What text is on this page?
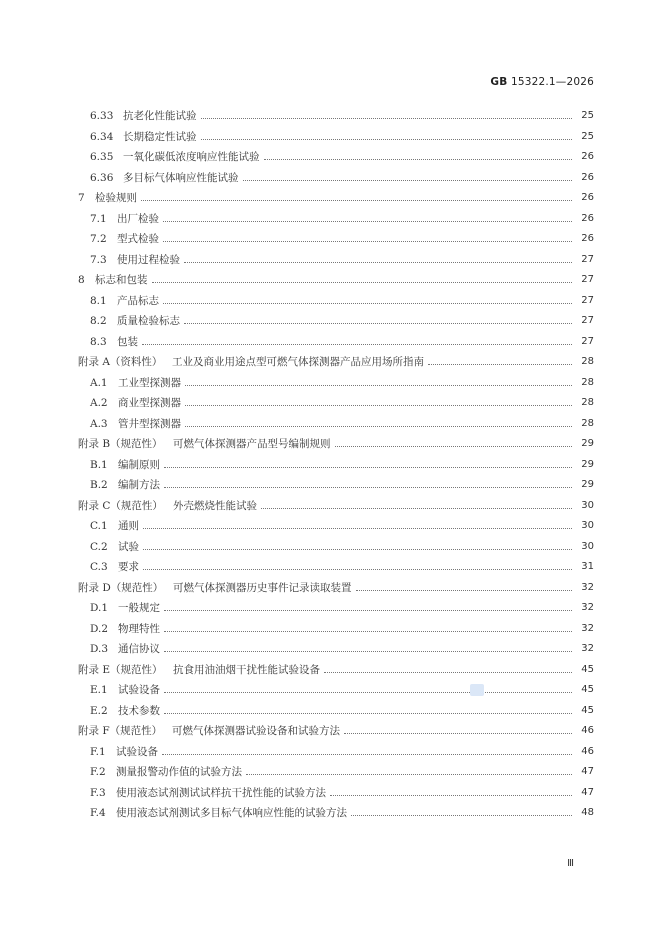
GB 15322.1—2026
6.33 抗老化性能试验	25
6.34 长期稳定性试验	25
6.35 一氧化碳低浓度响应性能试验	26
6.36 多目标气体响应性能试验	26
7 检验规则	26
7.1 出厂检验	26
7.2 型式检验	26
7.3 使用过程检验	27
8 标志和包装	27
8.1 产品标志	27
8.2 质量检验标志	27
8.3 包装	27
附录 A（资料性） 工业及商业用途点型可燃气体探测器产品应用场所指南	28
A.1 工业型探测器	28
A.2 商业型探测器	28
A.3 管井型探测器	28
附录 B（规范性） 可燃气体探测器产品型号编制规则	29
B.1 编制原则	29
B.2 编制方法	29
附录 C（规范性） 外壳燃烧性能试验	30
C.1 通则	30
C.2 试验	30
C.3 要求	31
附录 D（规范性） 可燃气体探测器历史事件记录读取装置	32
D.1 一般规定	32
D.2 物理特性	32
D.3 通信协议	32
附录 E（规范性） 抗食用油油烟干扰性能试验设备	45
E.1 试验设备	45
E.2 技术参数	45
附录 F（规范性） 可燃气体探测器试验设备和试验方法	46
F.1 试验设备	46
F.2 测量报警动作值的试验方法	47
F.3 使用液态试剂测试试样抗干扰性能的试验方法	47
F.4 使用液态试剂测试多目标气体响应性能的试验方法	48
Ⅲ
